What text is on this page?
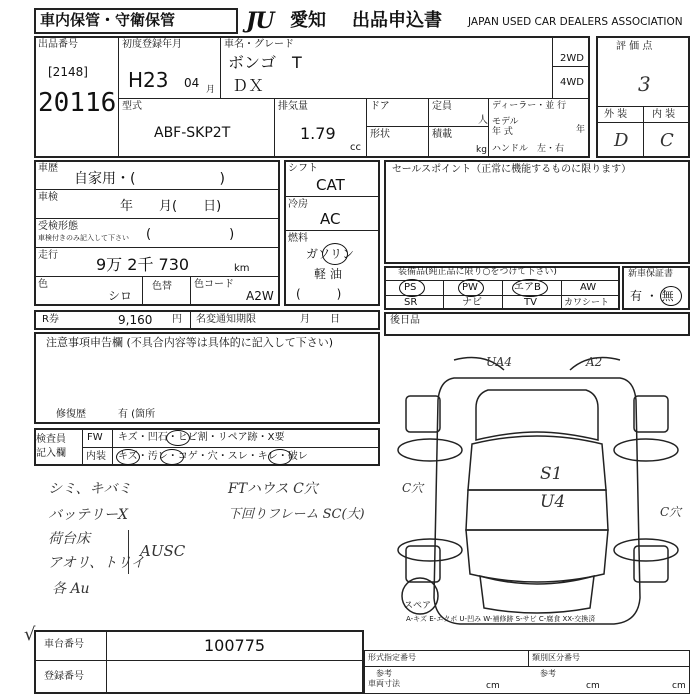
車内保管・守衛保管	JU 愛知 出品申込書 JAPAN USED CAR DEALERS ASSOCIATION
出品番号
[2148]
20116
初度登録年月
H23 04 月
車名・グレード
ボンゴ　T
ＤＸ
2WD
4WD
型式
ABF-SKP2T
排気量
1.79
cc
ドア
形状
定員
人
積載
kg
ディーラー・並 行
モデル
年 式	年
ハンドル　左・右
評 価 点
3
外 装 内 装
D C
車歴
自家用・(　　　　　　)
車検
年　　月(　　日)
受検形態
車検付きのみ記入して下さい (　　　　　　)
走行 9万 2千 730	km
色
シロ
色替 色コード
A2W
シフト
CAT
冷房
AC
燃料
ガソリン
軽 油
(　　　)
セールスポイント（正常に機能するものに限ります）
装備品(純正品に限り○をつけて下さい)
PS	PW	エアB	AW
SR	ナビ	TV	カワシート
新車保証書
有 ・ 無
R券	9,160 円 名変通知期限	月　　日	後日品
注意事項申告欄 (不具合内容等は具体的に記入して下さい)
修復歴	有 (箇所
検査員
記入欄
FW キズ・凹石・ヒビ割・リペア跡・X要
内装 キズ・汚レ・コゲ・穴・スレ・キレ・破レ
シミ、キバミ
バッテリーX
荷台床
アオリ、トリイ
各 Au
AUSC
FTハウス C穴
下回りフレーム SC(大)
√
UA4	A2
S1
U4
C穴
C穴
スペア
A-キズ E-エクボ U-凹み W-補修跡 S-サビ C-腐食 XX-交換済
車台番号	100775
登録番号
形式指定番号	類別区分番号
参考	参考
車両寸法	cm	cm	cm
